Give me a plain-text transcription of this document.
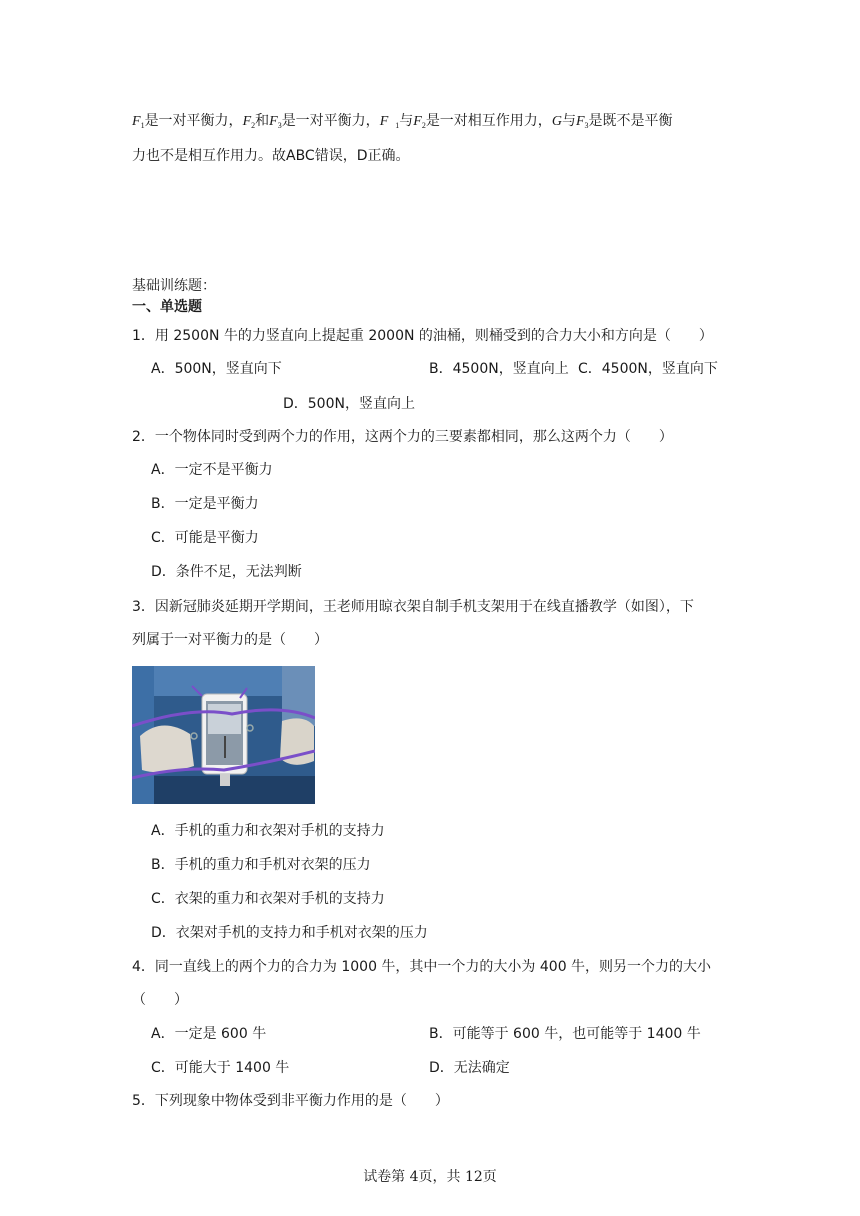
$F_1$是一对平衡力，$F_2$和$F_3$是一对平衡力，F $_1$与$F_2$是一对相互作用力，G与$F_3$是既不是平衡
力也不是相互作用力。故ABC错误，D正确。
基础训练题：
一、单选题
1．用 2500N 牛的力竖直向上提起重 2000N 的油桶，则桶受到的合力大小和方向是（　　）
A．500N，竖直向下	B．4500N，竖直向上 C．4500N，竖直向下
D．500N，竖直向上
2．一个物体同时受到两个力的作用，这两个力的三要素都相同，那么这两个力（　　）
A．一定不是平衡力
B．一定是平衡力
C．可能是平衡力
D．条件不足，无法判断
3．因新冠肺炎延期开学期间，王老师用晾衣架自制手机支架用于在线直播教学（如图），下
列属于一对平衡力的是（　　）
A．手机的重力和衣架对手机的支持力
B．手机的重力和手机对衣架的压力
C．衣架的重力和衣架对手机的支持力
D．衣架对手机的支持力和手机对衣架的压力
4．同一直线上的两个力的合力为 1000 牛，其中一个力的大小为 400 牛，则另一个力的大小
（　　）
A．一定是 600 牛	B．可能等于 600 牛，也可能等于 1400 牛
C．可能大于 1400 牛	D．无法确定
5．下列现象中物体受到非平衡力作用的是（　　）
试卷第 4页，共 12页
